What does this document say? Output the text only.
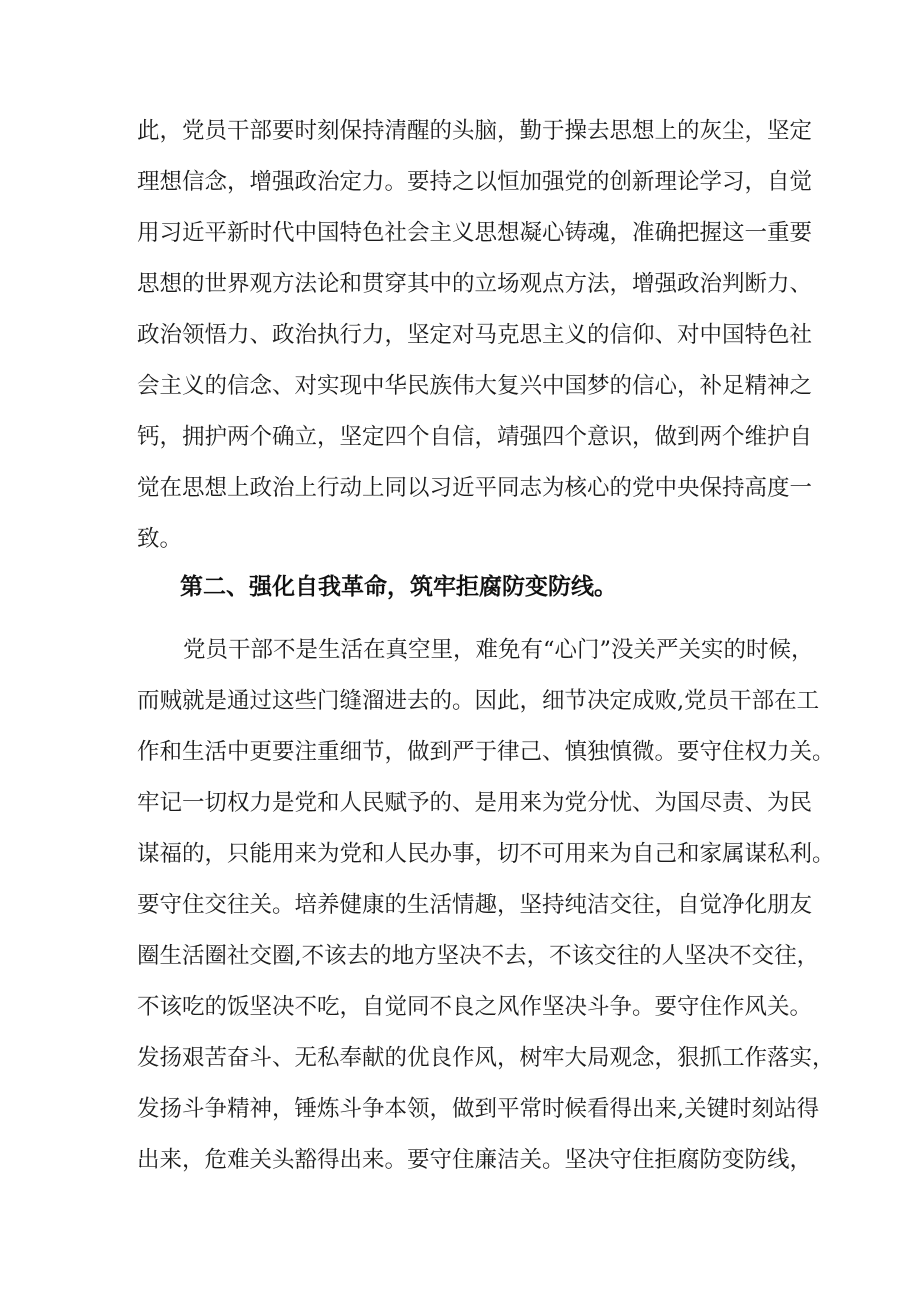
此，党员干部要时刻保持清醒的头脑，勤于操去思想上的灰尘，坚定
理想信念，增强政治定力。要持之以恒加强党的创新理论学习，自觉
用习近平新时代中国特色社会主义思想凝心铸魂，准确把握这一重要
思想的世界观方法论和贯穿其中的立场观点方法，增强政治判断力、
政治领悟力、政治执行力，坚定对马克思主义的信仰、对中国特色社
会主义的信念、对实现中华民族伟大复兴中国梦的信心，补足精神之
钙，拥护两个确立，坚定四个自信，靖强四个意识，做到两个维护自
觉在思想上政治上行动上同以习近平同志为核心的党中央保持高度一
致。
第二、强化自我革命，筑牢拒腐防变防线。
党员干部不是生活在真空里，难免有“心门”没关严关实的时候，
而贼就是通过这些门缝溜进去的。因此，细节决定成败,党员干部在工
作和生活中更要注重细节，做到严于律己、慎独慎微。要守住权力关。
牢记一切权力是党和人民赋予的、是用来为党分忧、为国尽责、为民
谋福的，只能用来为党和人民办事，切不可用来为自己和家属谋私利。
要守住交往关。培养健康的生活情趣，坚持纯洁交往，自觉净化朋友
圈生活圈社交圈,不该去的地方坚决不去，不该交往的人坚决不交往，
不该吃的饭坚决不吃，自觉同不良之风作坚决斗争。要守住作风关。
发扬艰苦奋斗、无私奉献的优良作风，树牢大局观念，狠抓工作落实，
发扬斗争精神，锤炼斗争本领，做到平常时候看得出来,关键时刻站得
出来，危难关头豁得出来。要守住廉洁关。坚决守住拒腐防变防线，
